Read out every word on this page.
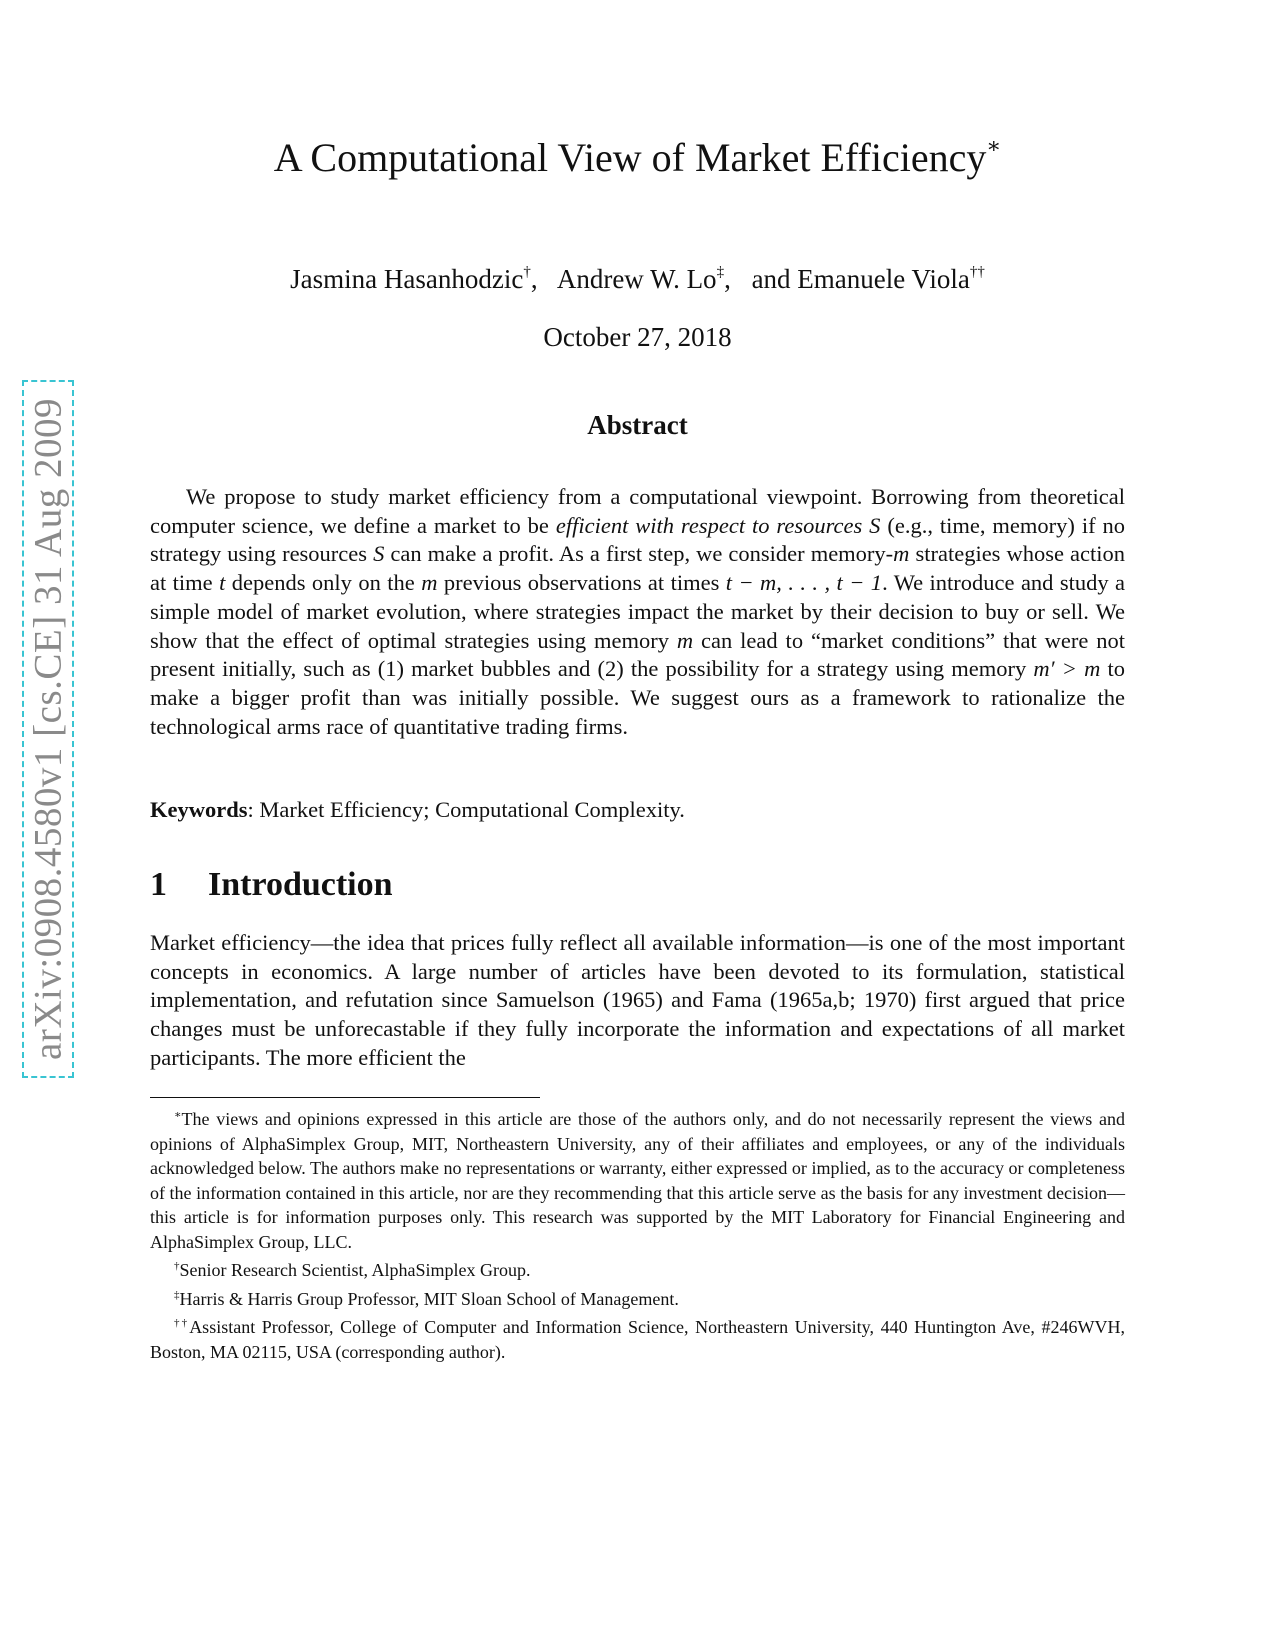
arXiv:0908.4580v1 [cs.CE] 31 Aug 2009
A Computational View of Market Efficiency∗
Jasmina Hasanhodzic†, Andrew W. Lo‡, and Emanuele Viola††
October 27, 2018
Abstract

We propose to study market efficiency from a computational viewpoint. Borrowing from theoretical computer science, we define a market to be efficient with respect to resources S (e.g., time, memory) if no strategy using resources S can make a profit. As a first step, we consider memory-m strategies whose action at time t depends only on the m previous observations at times t − m, . . . , t − 1. We introduce and study a simple model of market evolution, where strategies impact the market by their decision to buy or sell. We show that the effect of optimal strategies using memory m can lead to “market conditions” that were not present initially, such as (1) market bubbles and (2) the possibility for a strategy using memory m′ > m to make a bigger profit than was initially possible. We suggest ours as a framework to rationalize the technological arms race of quantitative trading firms.

Keywords: Market Efficiency; Computational Complexity.
1 Introduction

Market efficiency—the idea that prices fully reflect all available information—is one of the most important concepts in economics. A large number of articles have been devoted to its formulation, statistical implementation, and refutation since Samuelson (1965) and Fama (1965a,b; 1970) first argued that price changes must be unforecastable if they fully incorporate the information and expectations of all market participants. The more efficient the

∗The views and opinions expressed in this article are those of the authors only, and do not necessarily represent the views and opinions of AlphaSimplex Group, MIT, Northeastern University, any of their affiliates and employees, or any of the individuals acknowledged below. The authors make no representations or warranty, either expressed or implied, as to the accuracy or completeness of the information contained in this article, nor are they recommending that this article serve as the basis for any investment decision—this article is for information purposes only. This research was supported by the MIT Laboratory for Financial Engineering and AlphaSimplex Group, LLC.

†Senior Research Scientist, AlphaSimplex Group.

‡Harris & Harris Group Professor, MIT Sloan School of Management.

††Assistant Professor, College of Computer and Information Science, Northeastern University, 440 Huntington Ave, #246WVH, Boston, MA 02115, USA (corresponding author).
